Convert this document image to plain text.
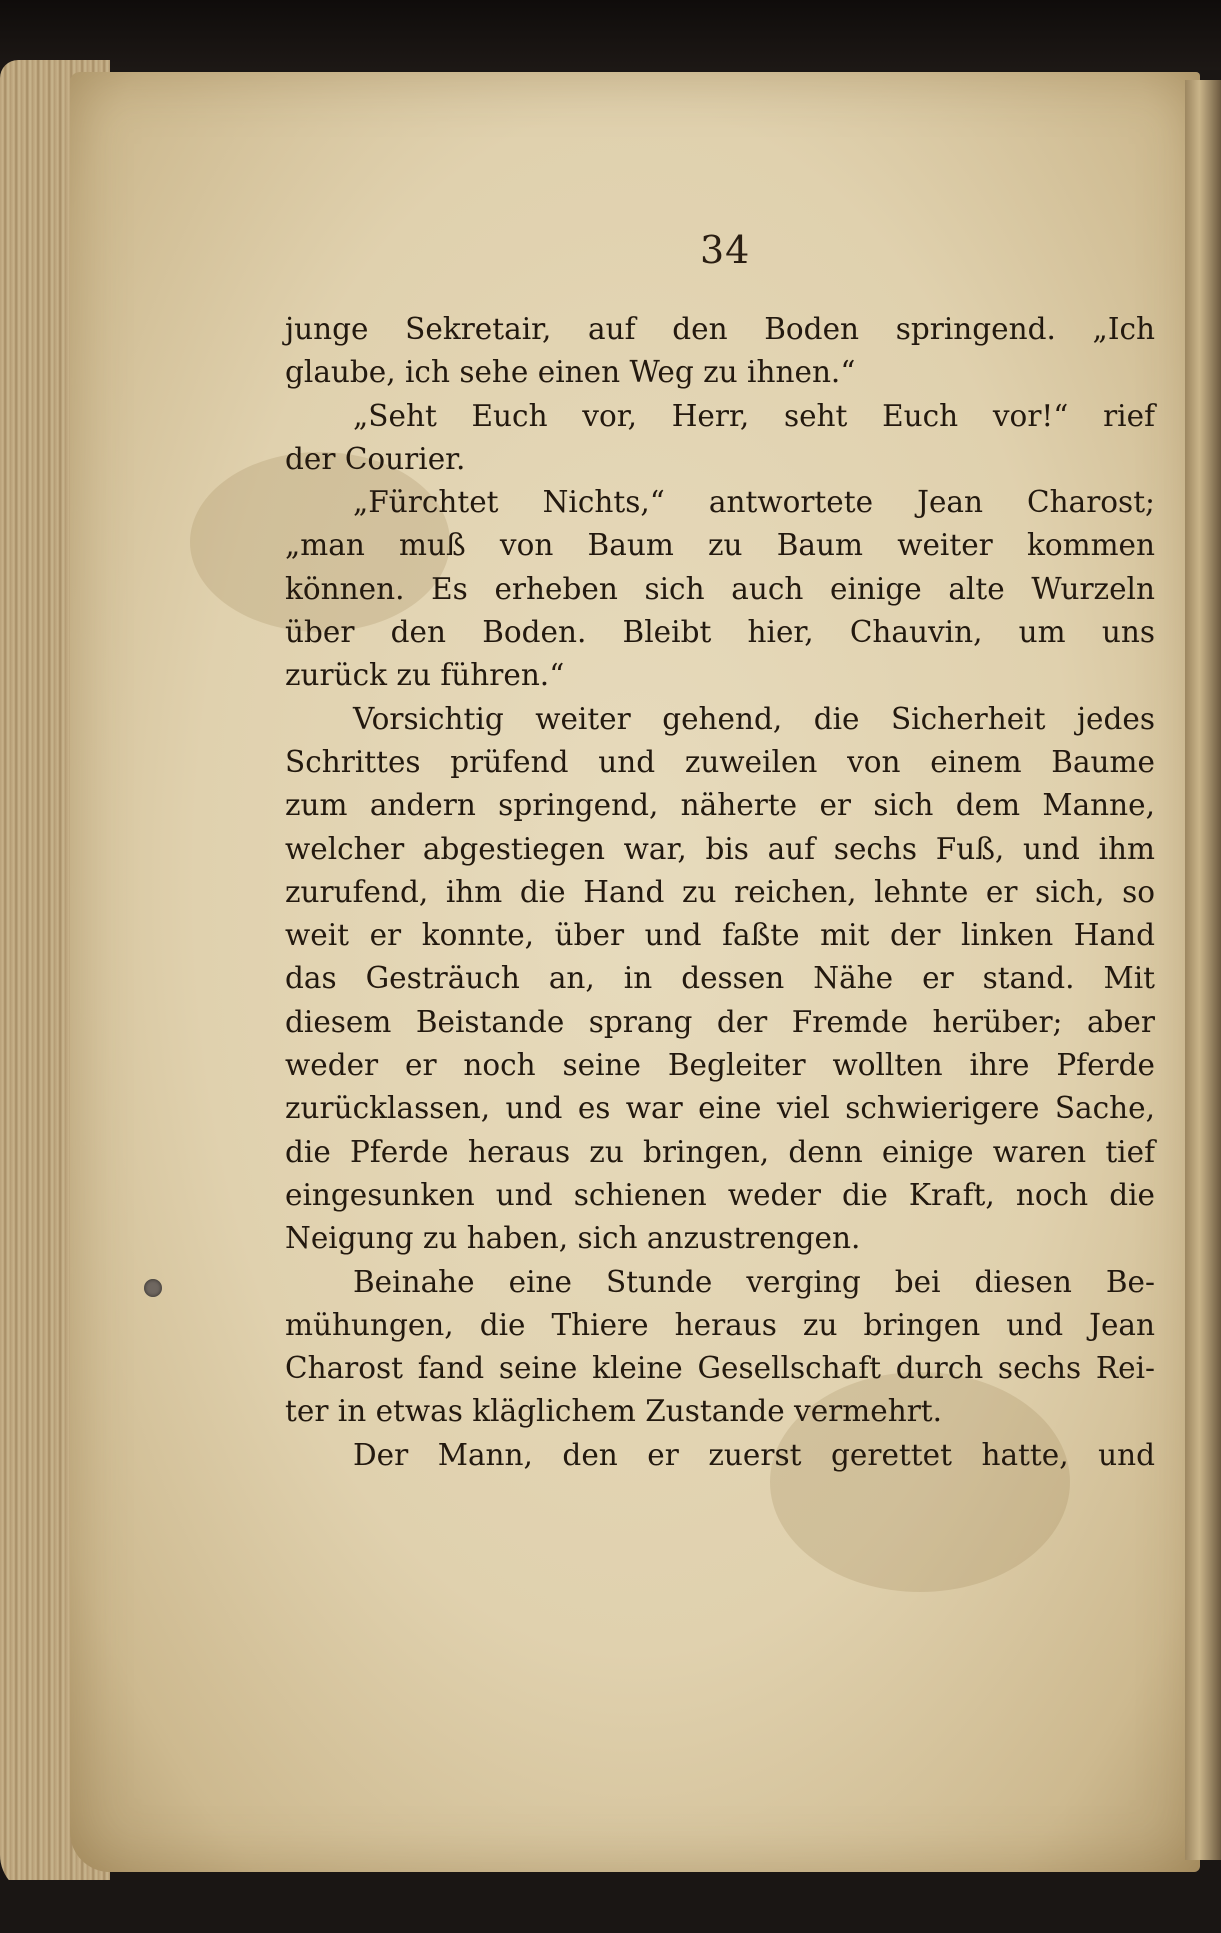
34
junge Sekretair, auf den Boden springend. „Ich
glaube, ich sehe einen Weg zu ihnen.“
„Seht Euch vor, Herr, seht Euch vor!“ rief
der Courier.
„Fürchtet Nichts,“ antwortete Jean Charost;
„man muß von Baum zu Baum weiter kommen
können. Es erheben sich auch einige alte Wurzeln
über den Boden. Bleibt hier, Chauvin, um uns
zurück zu führen.“
Vorsichtig weiter gehend, die Sicherheit jedes
Schrittes prüfend und zuweilen von einem Baume
zum andern springend, näherte er sich dem Manne,
welcher abgestiegen war, bis auf sechs Fuß, und ihm
zurufend, ihm die Hand zu reichen, lehnte er sich, so
weit er konnte, über und faßte mit der linken Hand
das Gesträuch an, in dessen Nähe er stand. Mit
diesem Beistande sprang der Fremde herüber; aber
weder er noch seine Begleiter wollten ihre Pferde
zurücklassen, und es war eine viel schwierigere Sache,
die Pferde heraus zu bringen, denn einige waren tief
eingesunken und schienen weder die Kraft, noch die
Neigung zu haben, sich anzustrengen.
Beinahe eine Stunde verging bei diesen Be-
mühungen, die Thiere heraus zu bringen und Jean
Charost fand seine kleine Gesellschaft durch sechs Rei-
ter in etwas kläglichem Zustande vermehrt.
Der Mann, den er zuerst gerettet hatte, und
